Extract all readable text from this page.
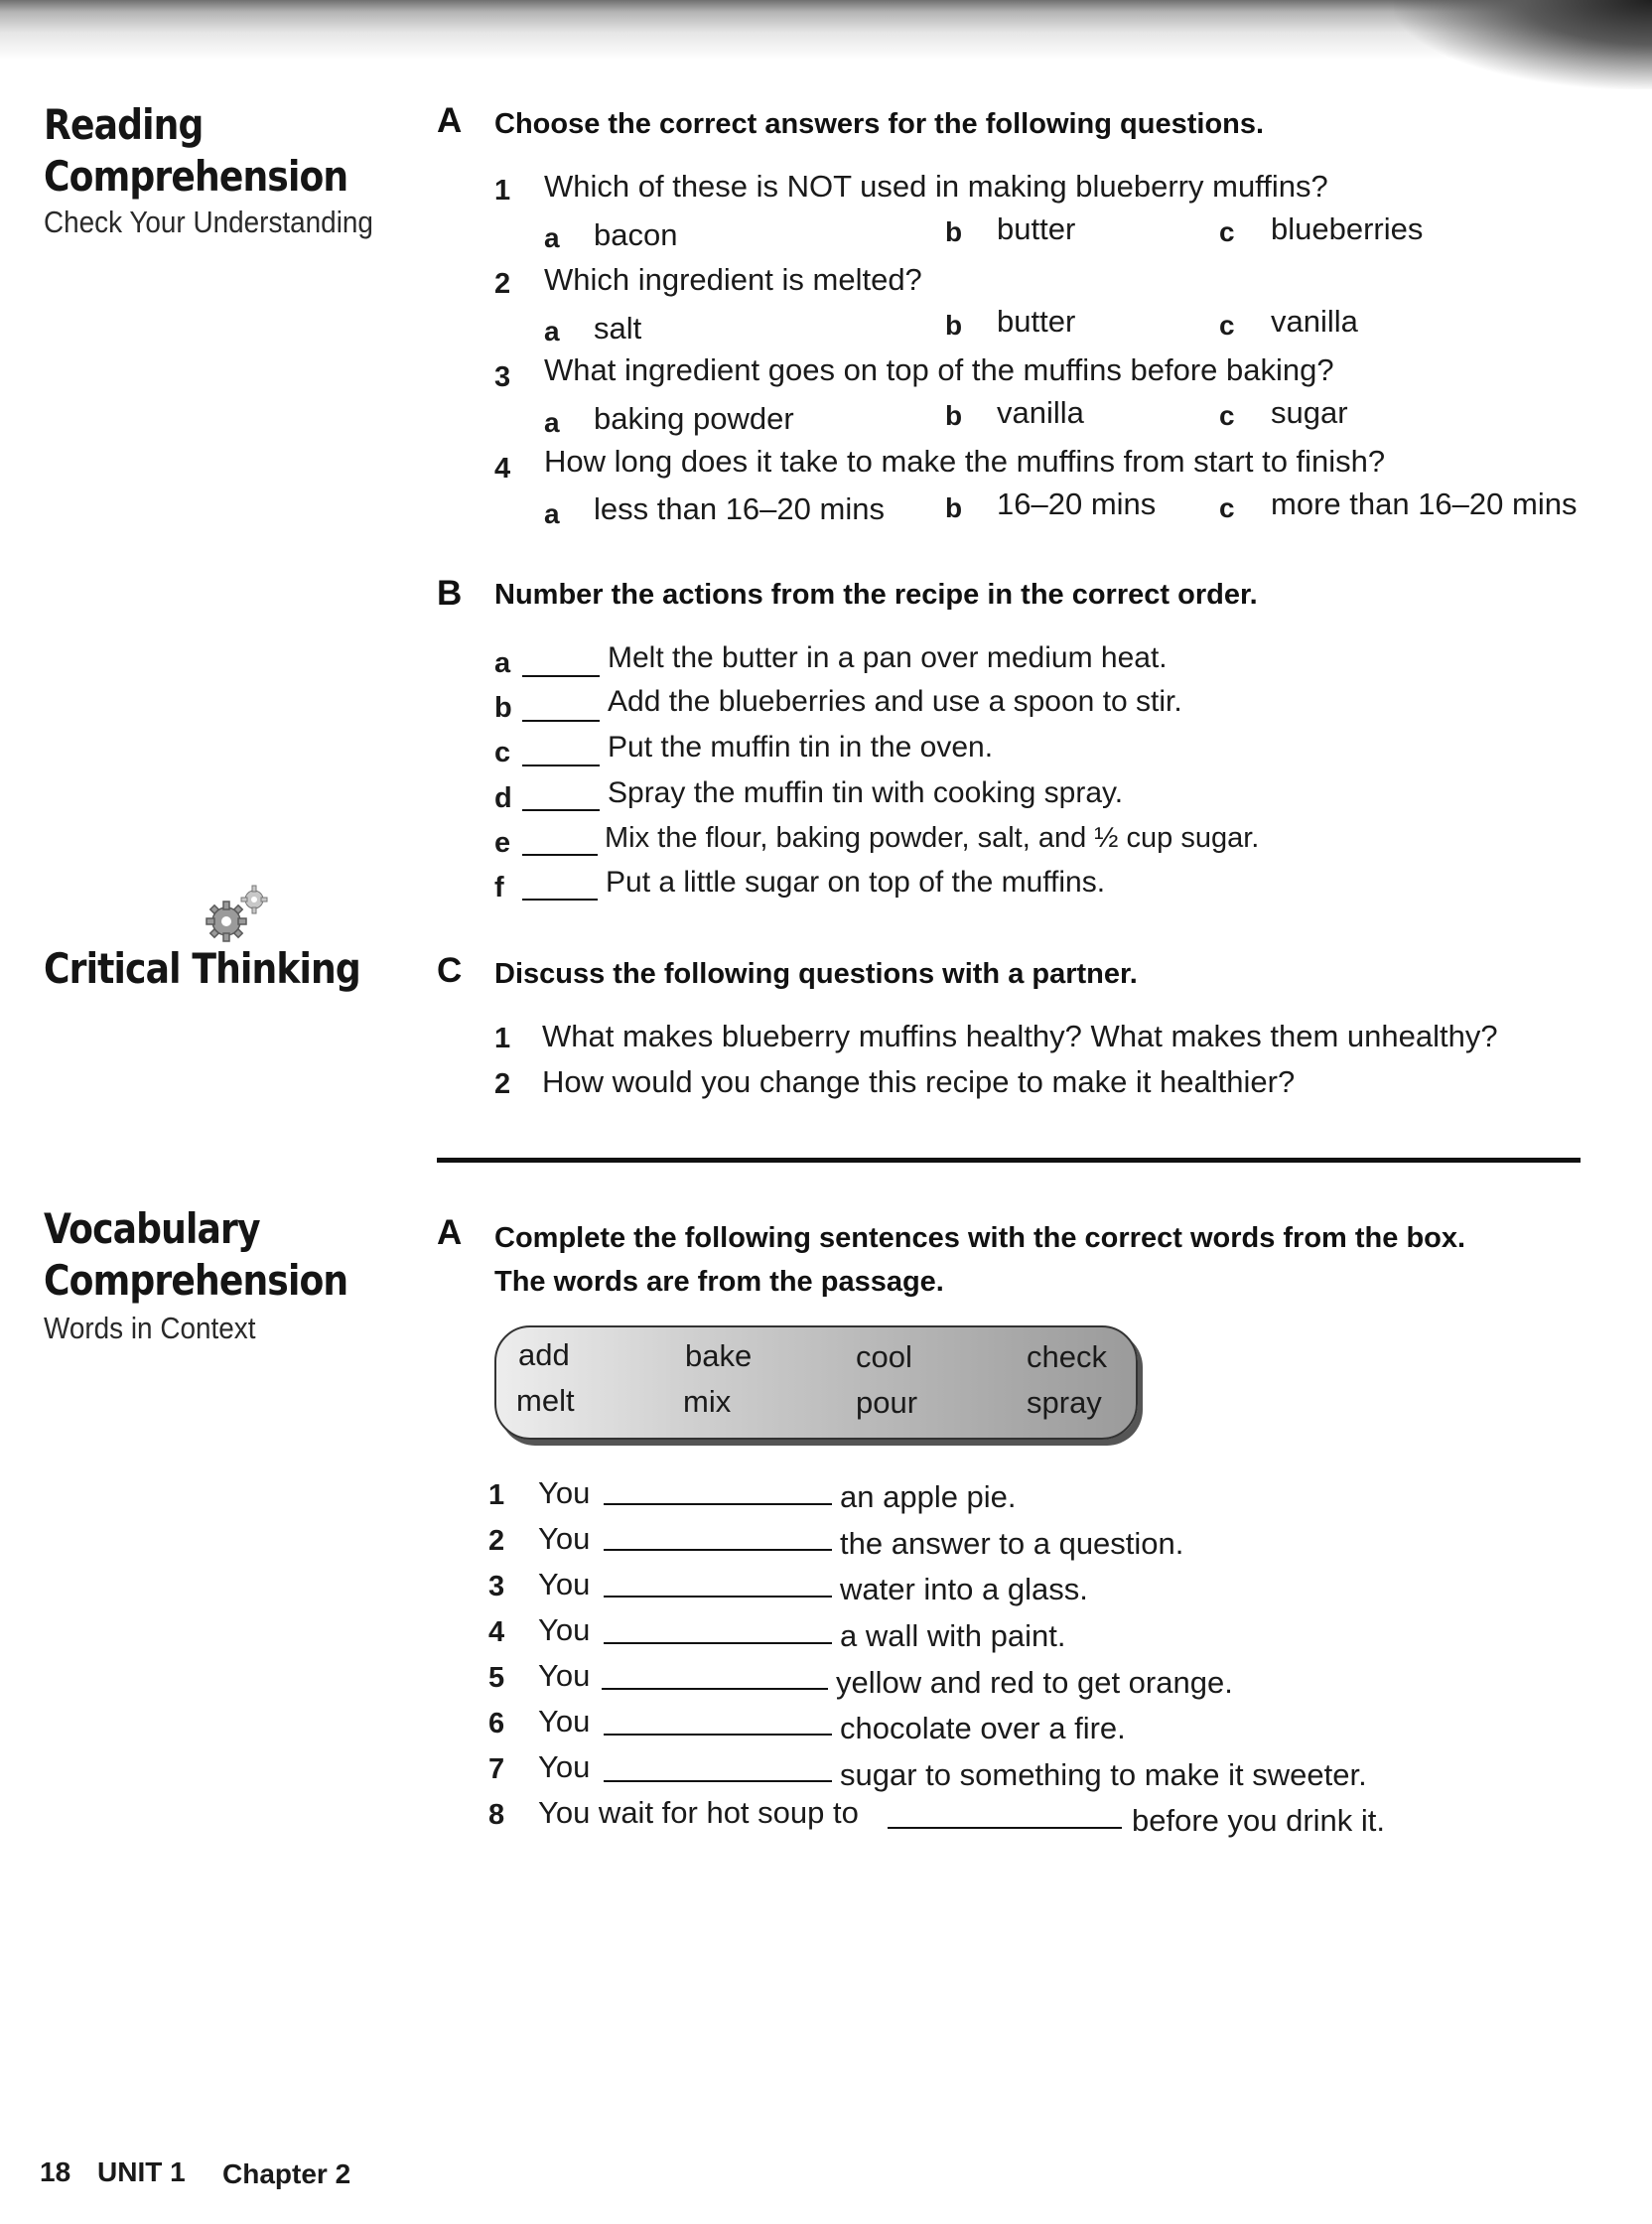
Reading
Comprehension
Check Your Understanding
Critical Thinking
Vocabulary
Comprehension
Words in Context
A Choose the correct answers for the following questions.
1 Which of these is NOT used in making blueberry muffins?
a bacon	b butter	c blueberries
2 Which ingredient is melted?
a salt	b butter	c vanilla
3 What ingredient goes on top of the muffins before baking?
a baking powder	b vanilla	c sugar
4 How long does it take to make the muffins from start to finish?
a less than 16–20 mins b 16–20 mins c more than 16–20 mins
B Number the actions from the recipe in the correct order.
a	Melt the butter in a pan over medium heat.
b	Add the blueberries and use a spoon to stir.
c	Put the muffin tin in the oven.
d	Spray the muffin tin with cooking spray.
e	Mix the flour, baking powder, salt, and ½ cup sugar.
f	Put a little sugar on top of the muffins.
C Discuss the following questions with a partner.
1 What makes blueberry muffins healthy? What makes them unhealthy?
2 How would you change this recipe to make it healthier?
A Complete the following sentences with the correct words from the box.
The words are from the passage.
add	bake	cool	check
melt	mix	pour	spray
1 You	an apple pie.
2 You	the answer to a question.
3 You	water into a glass.
4 You	a wall with paint.
5 You	yellow and red to get orange.
6 You	chocolate over a fire.
7 You	sugar to something to make it sweeter.
8 You wait for hot soup to	before you drink it.
18 UNIT 1 Chapter 2
